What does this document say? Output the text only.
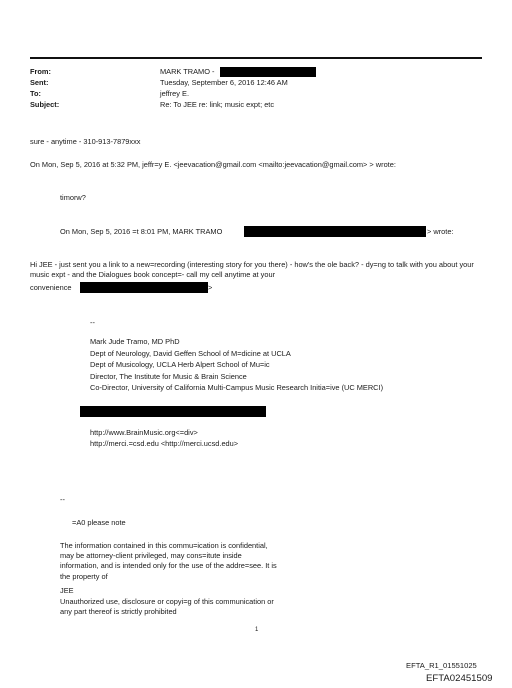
From:	MARK TRAMO -
Sent:	Tuesday, September 6, 2016 12:46 AM
To:	jeffrey E.
Subject:	Re: To JEE re: link; music expt; etc
sure - anytime - 310-913-7879xxx
On Mon, Sep 5, 2016 at 5:32 PM, jeffr=y E. <jeevacation@gmail.com <mailto:jeevacation@gmail.com> > wrote:
timorw?
On Mon, Sep 5, 2016 =t 8:01 PM, MARK TRAMO	> wrote:
Hi JEE - just sent you a link to a new=recording (interesting story for you there) - how's the ole back? - dy=ng to talk with you about your music expt - and the Dialogues book concept=- call my cell anytime at your
convenience	>
--
Mark Jude Tramo, MD PhD
Dept of Neurology, David Geffen School of M=dicine at UCLA
Dept of Musicology, UCLA Herb Alpert School of Mu=ic
Director, The Institute for Music & Brain Science
Co-Director, University of California Multi-Campus Music Research Initia=ive (UC MERCI)
http://www.BrainMusic.org<=div>
http://merci.=csd.edu <http://merci.ucsd.edu>
--
=A0 please note
The information contained in this commu=ication is confidential, may be attorney-client privileged, may cons=itute inside information, and is intended only for the use of the addre=see. It is the property of
JEE
Unauthorized use, disclosure or copyi=g of this communication or any part thereof is strictly prohibited
1
EFTA_R1_01551025
EFTA02451509
